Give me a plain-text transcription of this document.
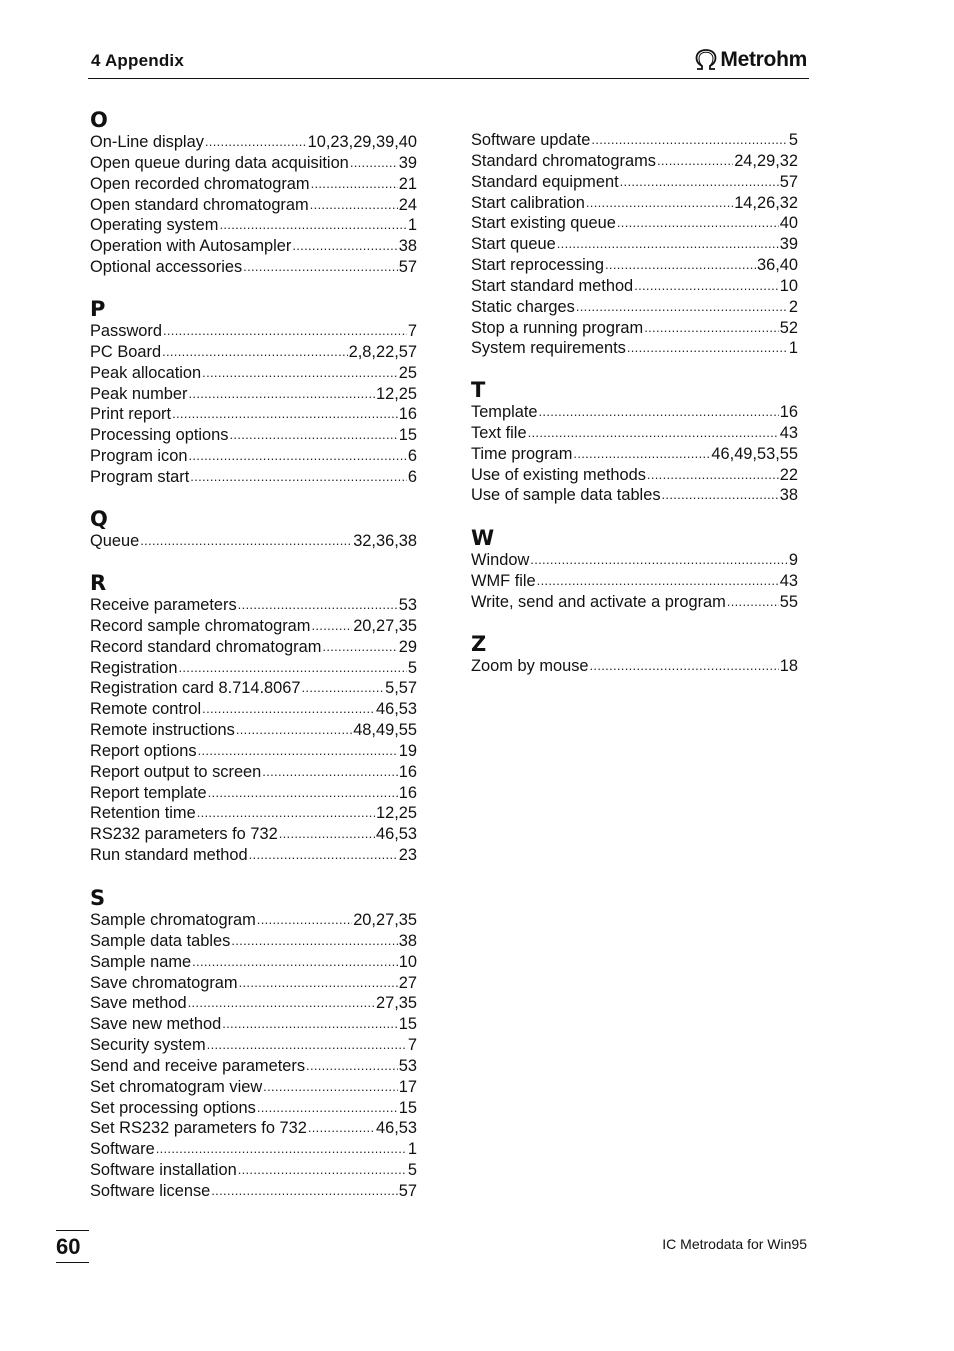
4 Appendix	Metrohm
O
On-Line display .....	10,23,29,39,40
Open queue during data acquisition .....	39
Open recorded chromatogram .....	21
Open standard chromatogram .....	24
Operating system .....	1
Operation with Autosampler .....	38
Optional accessories .....	57
P
Password .....	7
PC Board .....	2,8,22,57
Peak allocation .....	25
Peak number .....	12,25
Print report .....	16
Processing options .....	15
Program icon .....	6
Program start .....	6
Q
Queue .....	32,36,38
R
Receive parameters .....	53
Record sample chromatogram .....	20,27,35
Record standard chromatogram .....	29
Registration .....	5
Registration card 8.714.8067 .....	5,57
Remote control .....	46,53
Remote instructions .....	48,49,55
Report options .....	19
Report output to screen .....	16
Report template .....	16
Retention time .....	12,25
RS232 parameters fo 732 .....	46,53
Run standard method .....	23
S
Sample chromatogram .....	20,27,35
Sample data tables .....	38
Sample name .....	10
Save chromatogram .....	27
Save method .....	27,35
Save new method .....	15
Security system .....	7
Send and receive parameters .....	53
Set chromatogram view .....	17
Set processing options .....	15
Set RS232 parameters fo 732 .....	46,53
Software .....	1
Software installation .....	5
Software license .....	57
Software update .....	5
Standard chromatograms .....	24,29,32
Standard equipment .....	57
Start calibration .....	14,26,32
Start existing queue .....	40
Start queue .....	39
Start reprocessing .....	36,40
Start standard method .....	10
Static charges .....	2
Stop a running program .....	52
System requirements .....	1
T
Template .....	16
Text file .....	43
Time program .....	46,49,53,55
Use of existing methods .....	22
Use of sample data tables .....	38
W
Window .....	9
WMF file .....	43
Write, send and activate a program .....	55
Z
Zoom by mouse .....	18
60	IC Metrodata for Win95
